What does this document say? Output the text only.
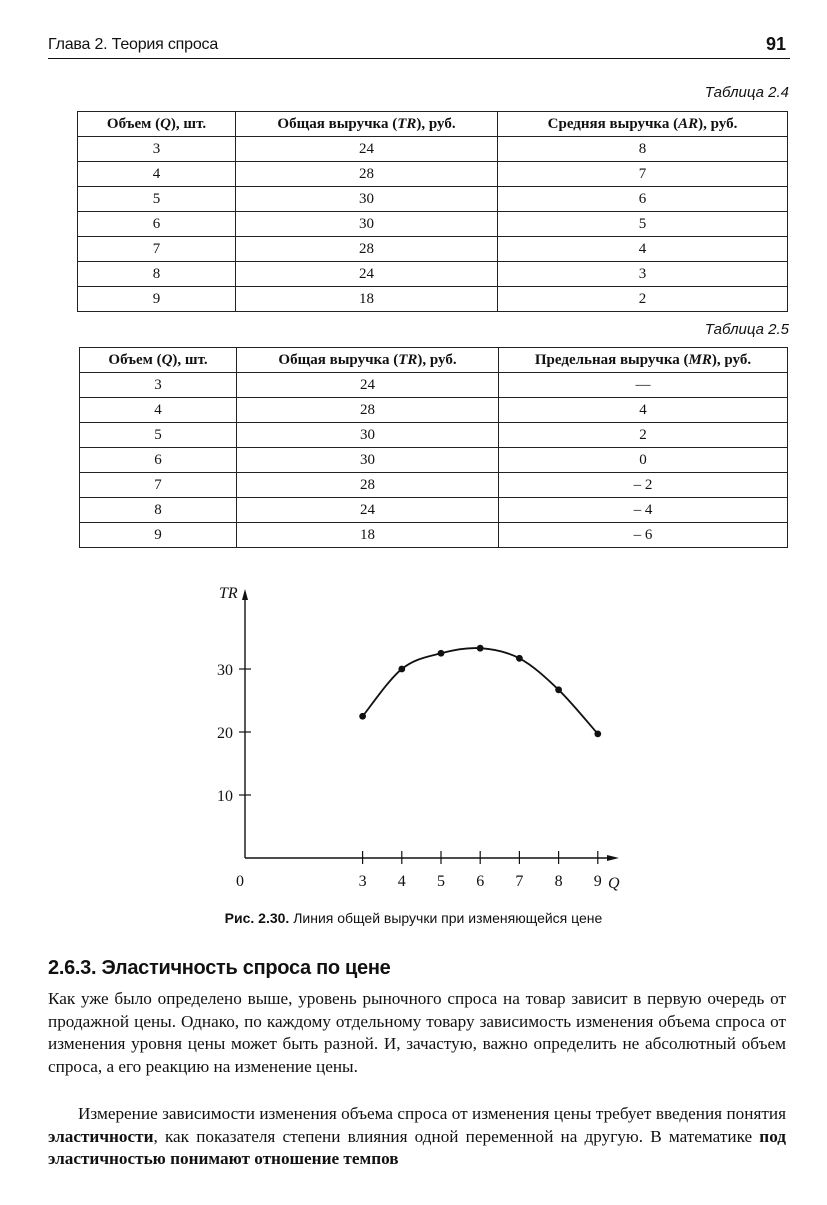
Глава 2. Теория спроса	91
Таблица 2.4
Объем (Q), шт.	Общая выручка (TR), руб.	Средняя выручка (AR), руб.
3	24	8
4	28	7
5	30	6
6	30	5
7	28	4
8	24	3
9	18	2
Таблица 2.5
Объем (Q), шт.	Общая выручка (TR), руб.	Предельная выручка (MR), руб.
3	24	—
4	28	4
5	30	2
6	30	0
7	28	– 2
8	24	– 4
9	18	– 6
TR
Q
0
10
20
30
3 4 5 6 7 8 9
Рис. 2.30. Линия общей выручки при изменяющейся цене
2.6.3. Эластичность спроса по цене

Как уже было определено выше, уровень рыночного спроса на товар зависит в первую очередь от продажной цены. Однако, по каждому отдельному товару зависимость изменения объема спроса от изменения уровня цены может быть разной. И, зачастую, важно определить не абсолютный объем спроса, а его реакцию на изменение цены.

Измерение зависимости изменения объема спроса от изменения цены требует введения понятия эластичности, как показателя степени влияния одной переменной на другую. В математике под эластичностью понимают отношение темпов
